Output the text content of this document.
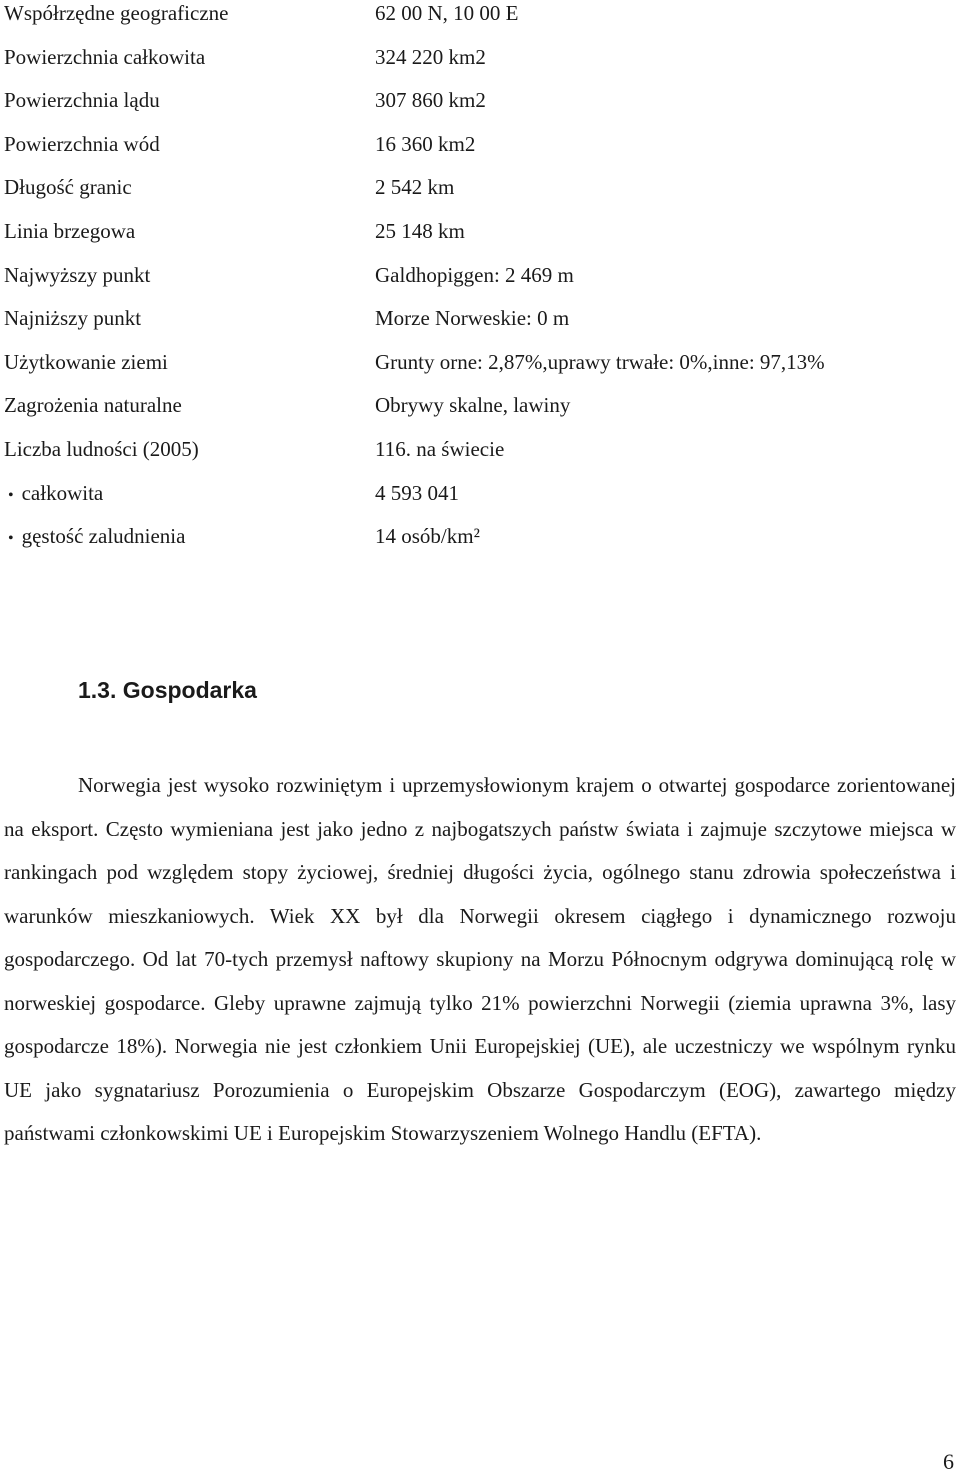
Współrzędne geograficzne	62 00 N, 10 00 E
Powierzchnia całkowita	324 220 km2
Powierzchnia lądu	307 860 km2
Powierzchnia wód	16 360 km2
Długość granic	2 542 km
Linia brzegowa	25 148 km
Najwyższy punkt	Galdhopiggen: 2 469 m
Najniższy punkt	Morze Norweskie: 0 m
Użytkowanie ziemi	Grunty orne: 2,87%,uprawy trwałe: 0%,inne: 97,13%
Zagrożenia naturalne	Obrywy skalne, lawiny
Liczba ludności (2005)	116. na świecie
• całkowita	4 593 041
• gęstość zaludnienia	14 osób/km²
1.3. Gospodarka

Norwegia jest wysoko rozwiniętym i uprzemysłowionym krajem o otwartej gospodarce zorientowanej na eksport. Często wymieniana jest jako jedno z najbogatszych państw świata i zajmuje szczytowe miejsca w rankingach pod względem stopy życiowej, średniej długości życia, ogólnego stanu zdrowia społeczeństwa i warunków mieszkaniowych. Wiek XX był dla Norwegii okresem ciągłego i dynamicznego rozwoju gospodarczego. Od lat 70-tych przemysł naftowy skupiony na Morzu Północnym odgrywa dominującą rolę w norweskiej gospodarce. Gleby uprawne zajmują tylko 21% powierzchni Norwegii (ziemia uprawna 3%, lasy gospodarcze 18%). Norwegia nie jest członkiem Unii Europejskiej (UE), ale uczestniczy we wspólnym rynku UE jako sygnatariusz Porozumienia o Europejskim Obszarze Gospodarczym (EOG), zawartego między państwami członkowskimi UE i Europejskim Stowarzyszeniem Wolnego Handlu (EFTA).

6
